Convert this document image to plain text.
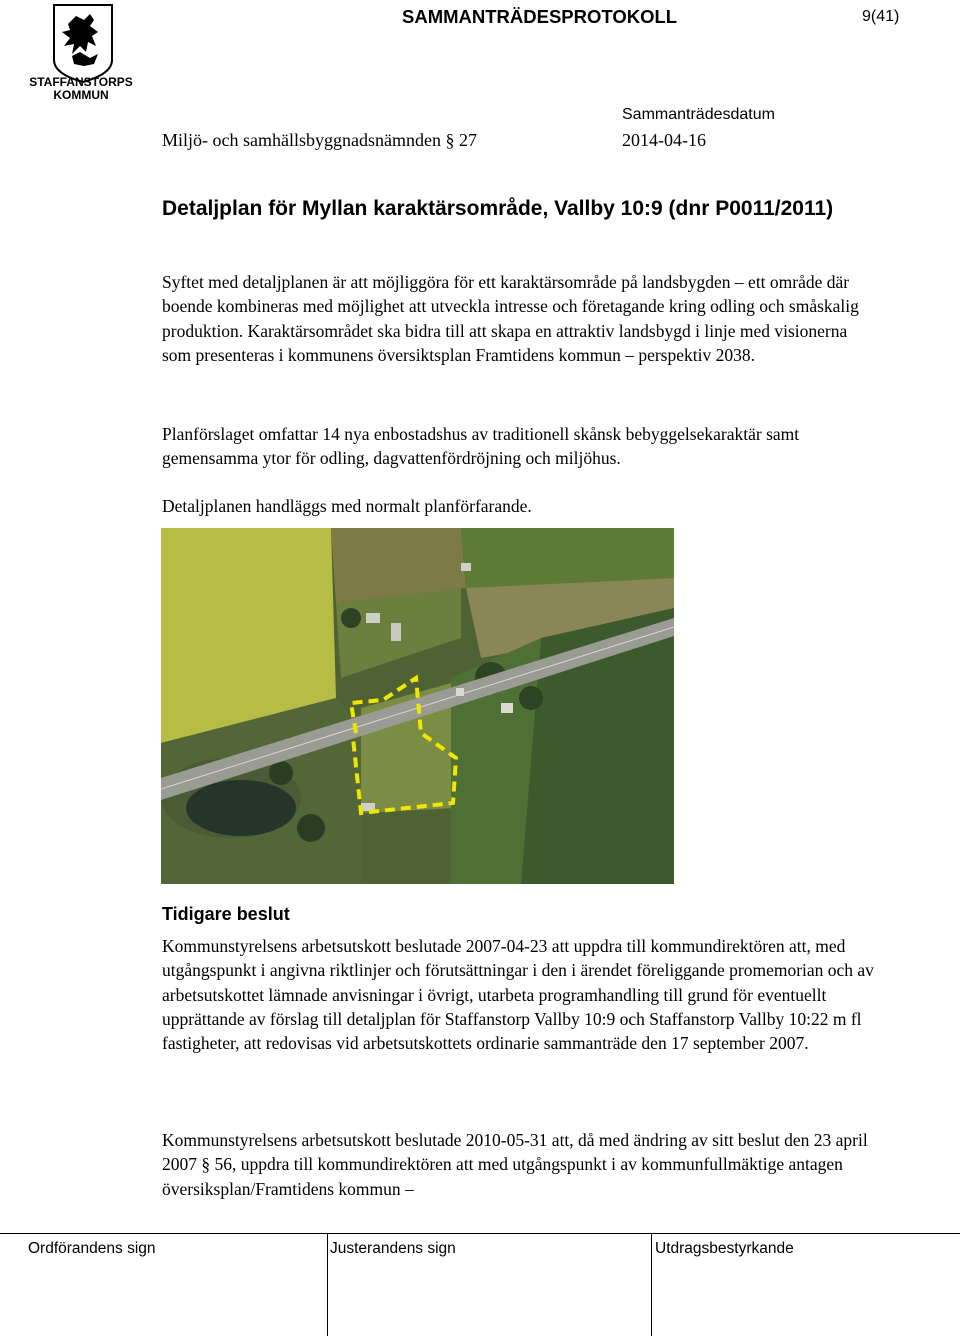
STAFFANSTORPS KOMMUN
SAMMANTRÄDESPROTOKOLL	9(41)
Sammanträdesdatum
Miljö- och samhällsbyggnadsnämnden § 27	2014-04-16
Detaljplan för Myllan karaktärsområde, Vallby 10:9 (dnr P0011/2011)
Syftet med detaljplanen är att möjliggöra för ett karaktärsområde på landsbygden – ett område där boende kombineras med möjlighet att utveckla intresse och företagande kring odling och småskalig produktion. Karaktärsområdet ska bidra till att skapa en attraktiv landsbygd i linje med visionerna som presenteras i kommunens översiktsplan Framtidens kommun – perspektiv 2038.
Planförslaget omfattar 14 nya enbostadshus av traditionell skånsk bebyggelsekaraktär samt gemensamma ytor för odling, dagvattenfördröjning och miljöhus.
Detaljplanen handläggs med normalt planförfarande.
Tidigare beslut
Kommunstyrelsens arbetsutskott beslutade 2007-04-23 att uppdra till kommundirektören att, med utgångspunkt i angivna riktlinjer och förutsättningar i den i ärendet föreliggande promemorian och av arbetsutskottet lämnade anvisningar i övrigt, utarbeta programhandling till grund för eventuellt upprättande av förslag till detaljplan för Staffanstorp Vallby 10:9 och Staffanstorp Vallby 10:22 m fl fastigheter, att redovisas vid arbetsutskottets ordinarie sammanträde den 17 september 2007.
Kommunstyrelsens arbetsutskott beslutade 2010-05-31 att, då med ändring av sitt beslut den 23 april 2007 § 56, uppdra till kommundirektören att med utgångspunkt i av kommunfullmäktige antagen översiksplan/Framtidens kommun –
Ordförandens sign	Justerandens sign	Utdragsbestyrkande
